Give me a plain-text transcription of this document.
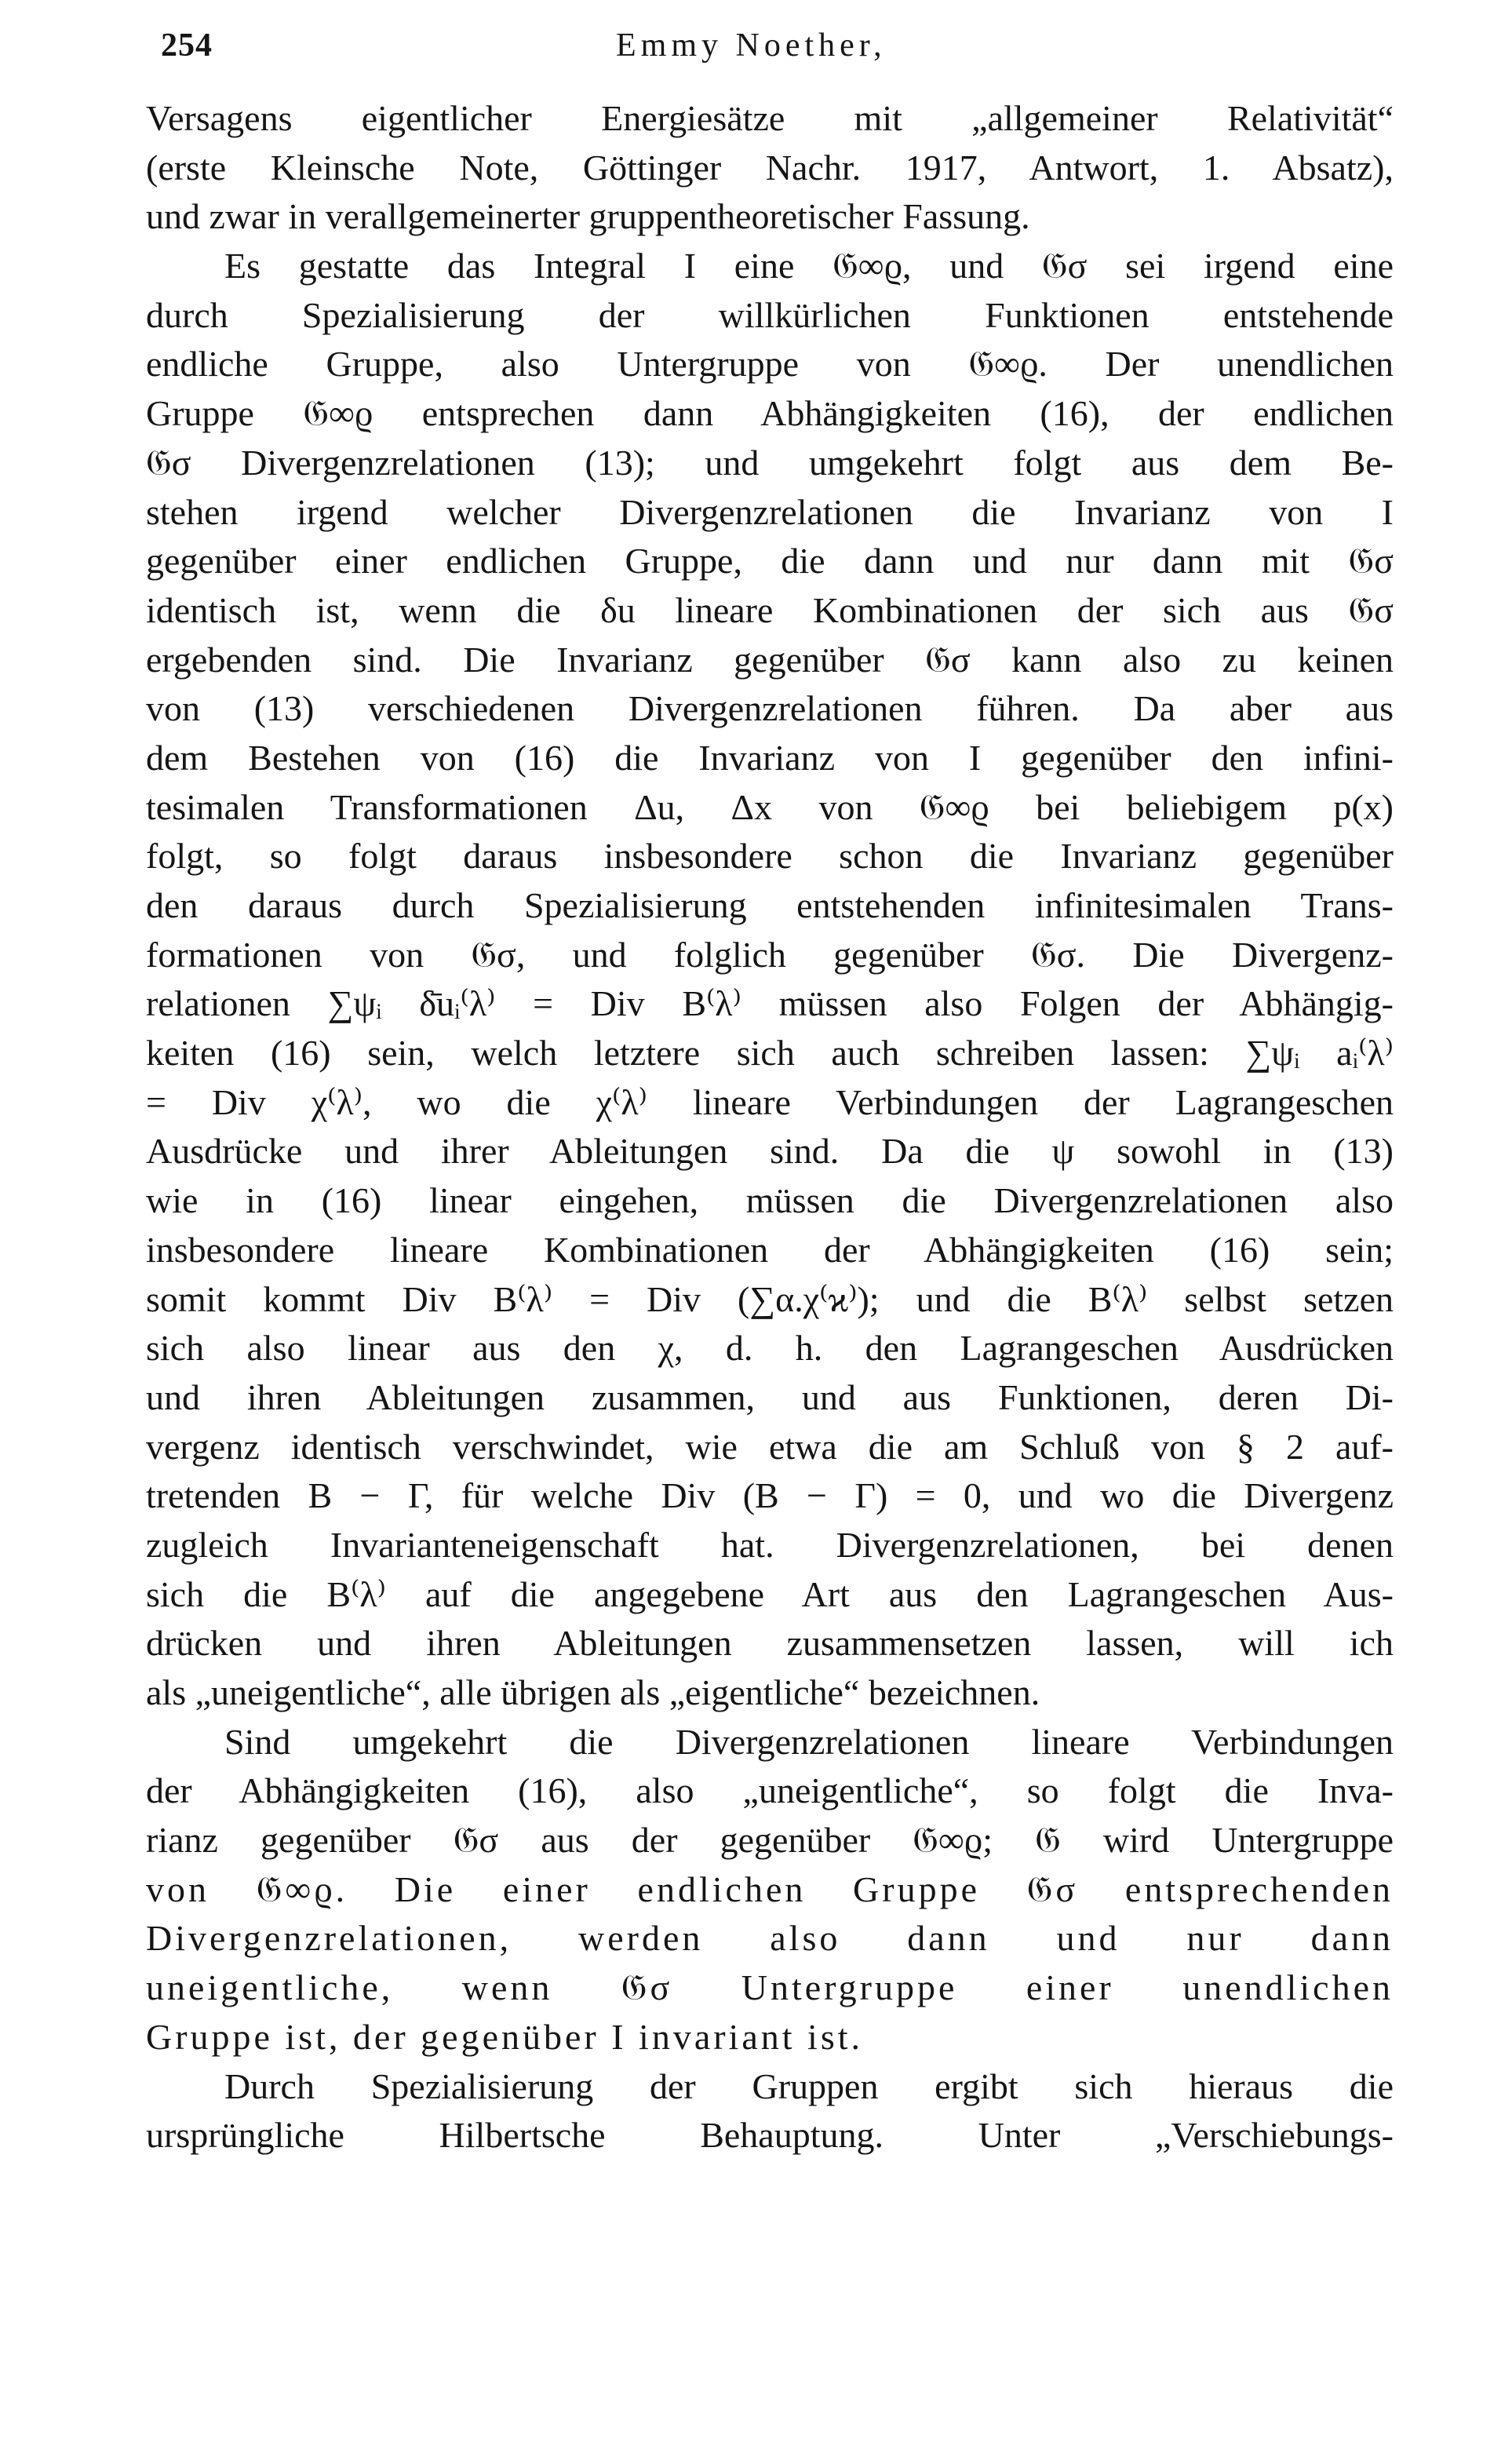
254	Emmy Noether,
Versagens eigentlicher Energiesätze mit „allgemeiner Relativität“
(erste Kleinsche Note, Göttinger Nachr. 1917, Antwort, 1. Absatz),
und zwar in verallgemeinerter gruppentheoretischer Fassung.
Es gestatte das Integral I eine 𝔊∞ϱ, und 𝔊σ sei irgend eine
durch Spezialisierung der willkürlichen Funktionen entstehende
endliche Gruppe, also Untergruppe von 𝔊∞ϱ. Der unendlichen
Gruppe 𝔊∞ϱ entsprechen dann Abhängigkeiten (16), der endlichen
𝔊σ Divergenzrelationen (13); und umgekehrt folgt aus dem Be-
stehen irgend welcher Divergenzrelationen die Invarianz von I
gegenüber einer endlichen Gruppe, die dann und nur dann mit 𝔊σ
identisch ist, wenn die δu lineare Kombinationen der sich aus 𝔊σ
ergebenden sind. Die Invarianz gegenüber 𝔊σ kann also zu keinen
von (13) verschiedenen Divergenzrelationen führen. Da aber aus
dem Bestehen von (16) die Invarianz von I gegenüber den infini-
tesimalen Transformationen Δu, Δx von 𝔊∞ϱ bei beliebigem p(x)
folgt, so folgt daraus insbesondere schon die Invarianz gegenüber
den daraus durch Spezialisierung entstehenden infinitesimalen Trans-
formationen von 𝔊σ, und folglich gegenüber 𝔊σ. Die Divergenz-
relationen ∑ψᵢ δ̄uᵢ⁽λ⁾ = Div B⁽λ⁾ müssen also Folgen der Abhängig-
keiten (16) sein, welch letztere sich auch schreiben lassen: ∑ψᵢ aᵢ⁽λ⁾
= Div χ⁽λ⁾, wo die χ⁽λ⁾ lineare Verbindungen der Lagrangeschen
Ausdrücke und ihrer Ableitungen sind. Da die ψ sowohl in (13)
wie in (16) linear eingehen, müssen die Divergenzrelationen also
insbesondere lineare Kombinationen der Abhängigkeiten (16) sein;
somit kommt Div B⁽λ⁾ = Div (∑α.χ⁽ϰ⁾); und die B⁽λ⁾ selbst setzen
sich also linear aus den χ, d. h. den Lagrangeschen Ausdrücken
und ihren Ableitungen zusammen, und aus Funktionen, deren Di-
vergenz identisch verschwindet, wie etwa die am Schluß von § 2 auf-
tretenden B − Γ, für welche Div (B − Γ) = 0, und wo die Divergenz
zugleich Invarianteneigenschaft hat. Divergenzrelationen, bei denen
sich die B⁽λ⁾ auf die angegebene Art aus den Lagrangeschen Aus-
drücken und ihren Ableitungen zusammensetzen lassen, will ich
als „uneigentliche“, alle übrigen als „eigentliche“ bezeichnen.
Sind umgekehrt die Divergenzrelationen lineare Verbindungen
der Abhängigkeiten (16), also „uneigentliche“, so folgt die Inva-
rianz gegenüber 𝔊σ aus der gegenüber 𝔊∞ϱ; 𝔊 wird Untergruppe
von 𝔊∞ϱ. Die einer endlichen Gruppe 𝔊σ entsprechenden
Divergenzrelationen, werden also dann und nur dann
uneigentliche, wenn 𝔊σ Untergruppe einer unendlichen
Gruppe ist, der gegenüber I invariant ist.
Durch Spezialisierung der Gruppen ergibt sich hieraus die
ursprüngliche Hilbertsche Behauptung. Unter „Verschiebungs-
